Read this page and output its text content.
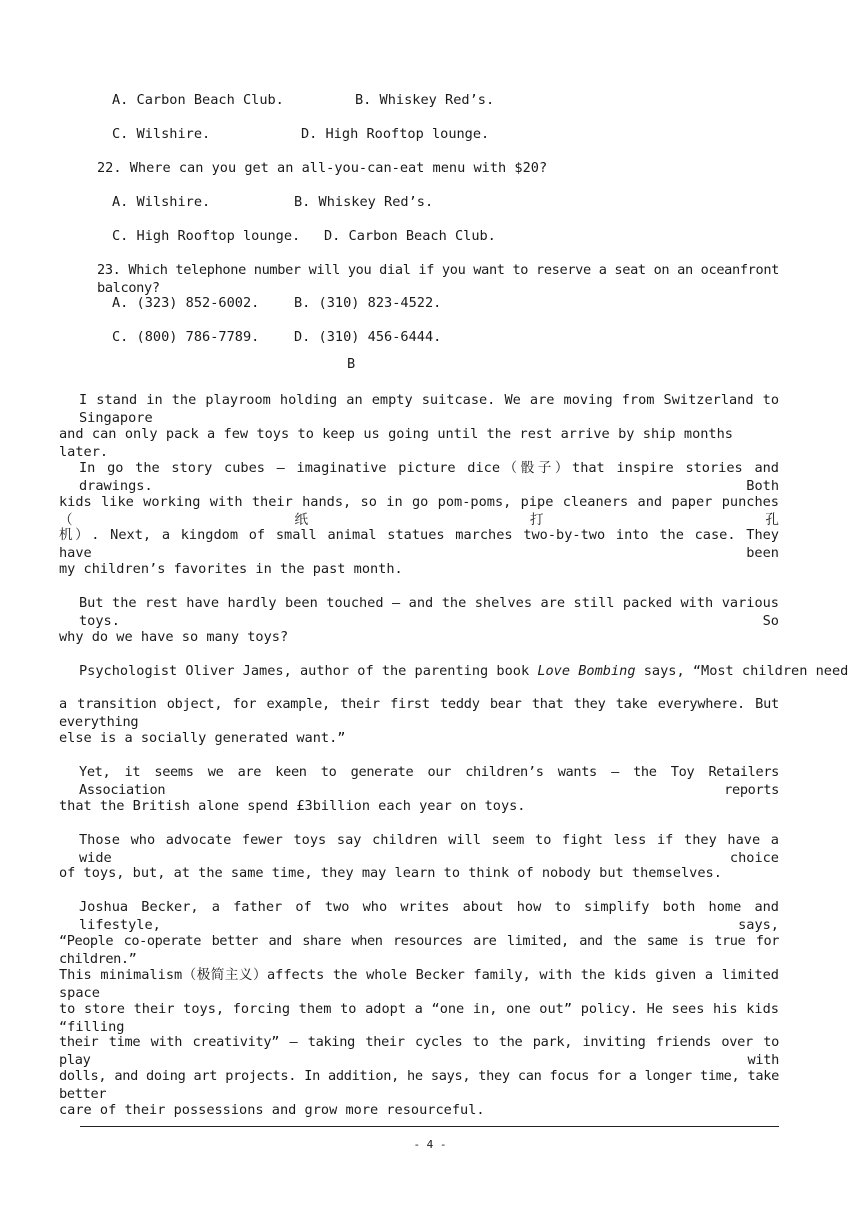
A. Carbon Beach Club.	B. Whiskey Red’s.
C. Wilshire.	D. High Rooftop lounge.
22. Where can you get an all-you-can-eat menu with $20?
A. Wilshire.	B. Whiskey Red’s.
C. High Rooftop lounge. D. Carbon Beach Club.
23. Which telephone number will you dial if you want to reserve a seat on an oceanfront balcony?
A. (323) 852-6002.	B. (310) 823-4522.
C. (800) 786-7789.	D. (310) 456-6444.
B
I stand in the playroom holding an empty suitcase. We are moving from Switzerland to Singapore
and can only pack a few toys to keep us going until the rest arrive by ship months later.
In go the story cubes — imaginative picture dice（骰子）that inspire stories and drawings. Both
kids like working with their hands, so in go pom-poms, pipe cleaners and paper punches（纸打孔
机）. Next, a kingdom of small animal statues marches two-by-two into the case. They have been
my children’s favorites in the past month.
But the rest have hardly been touched — and the shelves are still packed with various toys. So
why do we have so many toys?
Psychologist Oliver James, author of the parenting book Love Bombing says, “Most children need
a transition object, for example, their first teddy bear that they take everywhere. But everything
else is a socially generated want.”
Yet, it seems we are keen to generate our children’s wants — the Toy Retailers Association reports
that the British alone spend £3billion each year on toys.
Those who advocate fewer toys say children will seem to fight less if they have a wide choice
of toys, but, at the same time, they may learn to think of nobody but themselves.
Joshua Becker, a father of two who writes about how to simplify both home and lifestyle, says,
“People co-operate better and share when resources are limited, and the same is true for children.”
This minimalism（极简主义）affects the whole Becker family, with the kids given a limited space
to store their toys, forcing them to adopt a “one in, one out” policy. He sees his kids “filling
their time with creativity” — taking their cycles to the park, inviting friends over to play with
dolls, and doing art projects. In addition, he says, they can focus for a longer time, take better
care of their possessions and grow more resourceful.
- 4 -
